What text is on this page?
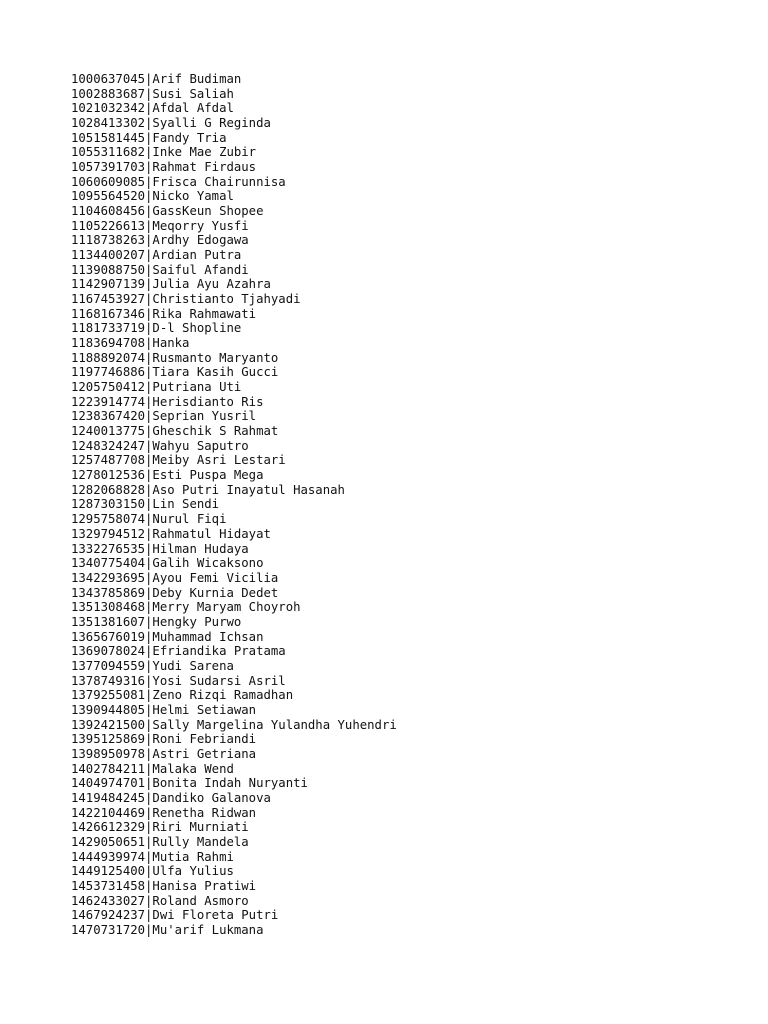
1000637045|Arif Budiman
1002883687|Susi Saliah
1021032342|Afdal Afdal
1028413302|Syalli G Reginda
1051581445|Fandy Tria
1055311682|Inke Mae Zubir
1057391703|Rahmat Firdaus
1060609085|Frisca Chairunnisa
1095564520|Nicko Yamal
1104608456|GassKeun Shopee
1105226613|Meqorry Yusfi
1118738263|Ardhy Edogawa
1134400207|Ardian Putra
1139088750|Saiful Afandi
1142907139|Julia Ayu Azahra
1167453927|Christianto Tjahyadi
1168167346|Rika Rahmawati
1181733719|D-l Shopline
1183694708|Hanka
1188892074|Rusmanto Maryanto
1197746886|Tiara Kasih Gucci
1205750412|Putriana Uti
1223914774|Herisdianto Ris
1238367420|Seprian Yusril
1240013775|Gheschik S Rahmat
1248324247|Wahyu Saputro
1257487708|Meiby Asri Lestari
1278012536|Esti Puspa Mega
1282068828|Aso Putri Inayatul Hasanah
1287303150|Lin Sendi
1295758074|Nurul Fiqi
1329794512|Rahmatul Hidayat
1332276535|Hilman Hudaya
1340775404|Galih Wicaksono
1342293695|Ayou Femi Vicilia
1343785869|Deby Kurnia Dedet
1351308468|Merry Maryam Choyroh
1351381607|Hengky Purwo
1365676019|Muhammad Ichsan
1369078024|Efriandika Pratama
1377094559|Yudi Sarena
1378749316|Yosi Sudarsi Asril
1379255081|Zeno Rizqi Ramadhan
1390944805|Helmi Setiawan
1392421500|Sally Margelina Yulandha Yuhendri
1395125869|Roni Febriandi
1398950978|Astri Getriana
1402784211|Malaka Wend
1404974701|Bonita Indah Nuryanti
1419484245|Dandiko Galanova
1422104469|Renetha Ridwan
1426612329|Riri Murniati
1429050651|Rully Mandela
1444939974|Mutia Rahmi
1449125400|Ulfa Yulius
1453731458|Hanisa Pratiwi
1462433027|Roland Asmoro
1467924237|Dwi Floreta Putri
1470731720|Mu'arif Lukmana
